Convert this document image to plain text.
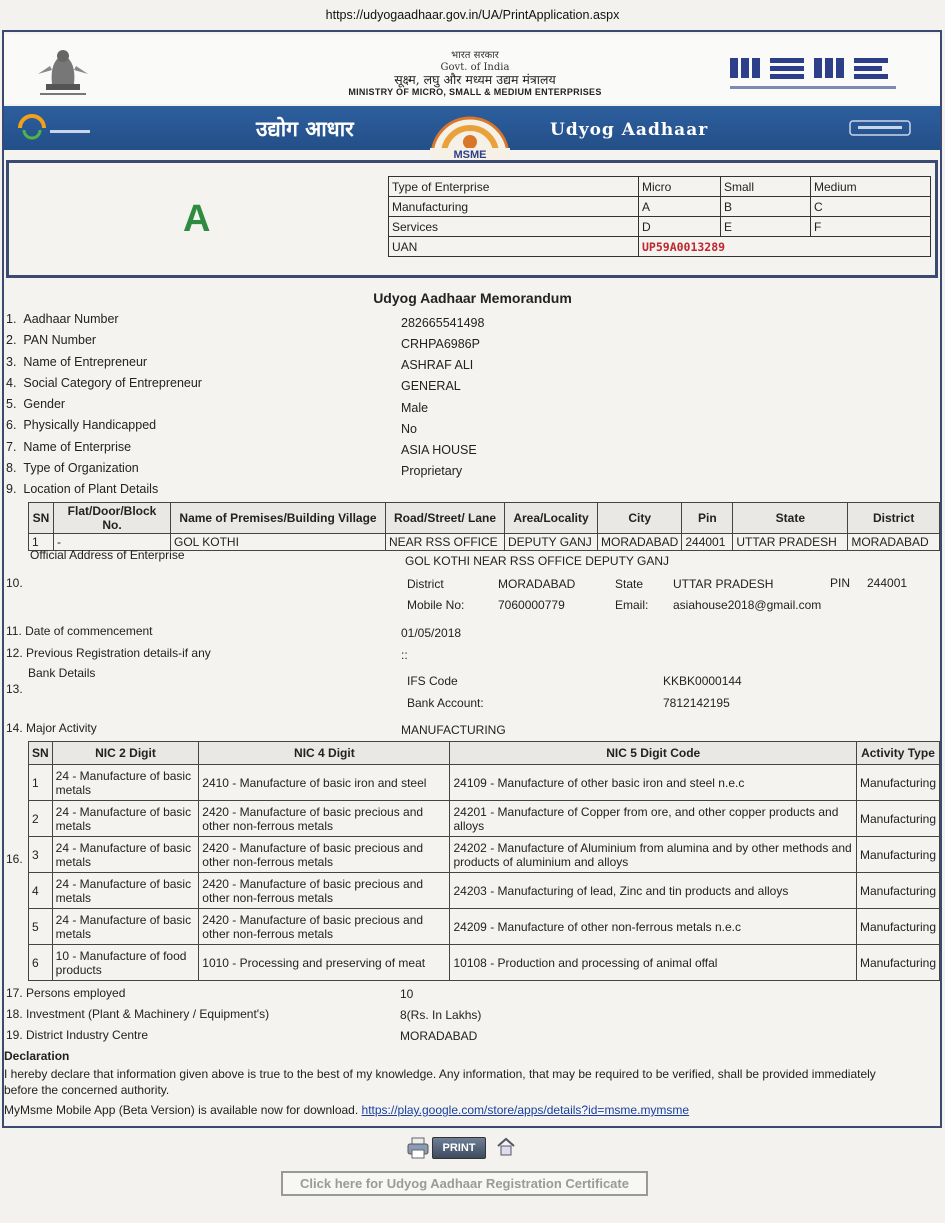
https://udyogaadhaar.gov.in/UA/PrintApplication.aspx
भारत सरकार
Govt. of India
सूक्ष्म, लघु और मध्यम उद्यम मंत्रालय
MINISTRY OF MICRO, SMALL & MEDIUM ENTERPRISES
उद्योग आधार	Udyog Aadhaar
MSME
A
Type of Enterprise	Micro	Small	Medium
Manufacturing	A	B	C
Services	D	E	F
UAN	UP59A0013289		
Udyog Aadhaar Memorandum
1. Aadhaar Number	282665541498
2. PAN Number	CRHPA6986P
3. Name of Entrepreneur	ASHRAF ALI
4. Social Category of Entrepreneur	GENERAL
5. Gender	Male
6. Physically Handicapped	No
7. Name of Enterprise	ASIA HOUSE
8. Type of Organization	Proprietary
9. Location of Plant Details
SN	Flat/Door/Block No.	Name of Premises/Building Village	Road/Street/ Lane	Area/Locality	City	Pin	State	District
1	-	GOL KOTHI	NEAR RSS OFFICE	DEPUTY GANJ	MORADABAD	244001	UTTAR PRADESH	MORADABAD
Official Address of Enterprise
10.
GOL KOTHI NEAR RSS OFFICE DEPUTY GANJ
District	MORADABAD	State UTTAR PRADESH	PIN 244001
Mobile No:	7060000779	Email: asiahouse2018@gmail.com
11. Date of commencement	01/05/2018
12. Previous Registration details-if any	::
Bank Details
13.
IFS Code	KKBK0000144
Bank Account:	7812142195
14. Major Activity	MANUFACTURING
16.
SN	NIC 2 Digit	NIC 4 Digit	NIC 5 Digit Code	Activity Type
1	24 - Manufacture of basic metals	2410 - Manufacture of basic iron and steel	24109 - Manufacture of other basic iron and steel n.e.c	Manufacturing
2	24 - Manufacture of basic metals	2420 - Manufacture of basic precious and other non-ferrous metals	24201 - Manufacture of Copper from ore, and other copper products and alloys	Manufacturing
3	24 - Manufacture of basic metals	2420 - Manufacture of basic precious and other non-ferrous metals	24202 - Manufacture of Aluminium from alumina and by other methods and products of aluminium and alloys	Manufacturing
4	24 - Manufacture of basic metals	2420 - Manufacture of basic precious and other non-ferrous metals	24203 - Manufacturing of lead, Zinc and tin products and alloys	Manufacturing
5	24 - Manufacture of basic metals	2420 - Manufacture of basic precious and other non-ferrous metals	24209 - Manufacture of other non-ferrous metals n.e.c	Manufacturing
6	10 - Manufacture of food products	1010 - Processing and preserving of meat	10108 - Production and processing of animal offal	Manufacturing
17. Persons employed	10
18. Investment (Plant & Machinery / Equipment's)	8(Rs. In Lakhs)
19. District Industry Centre	MORADABAD
Declaration
I hereby declare that information given above is true to the best of my knowledge. Any information, that may be required to be verified, shall be provided immediately
before the concerned authority.
MyMsme Mobile App (Beta Version) is available now for download. https://play.google.com/store/apps/details?id=msme.mymsme
PRINT
Click here for Udyog Aadhaar Registration Certificate
